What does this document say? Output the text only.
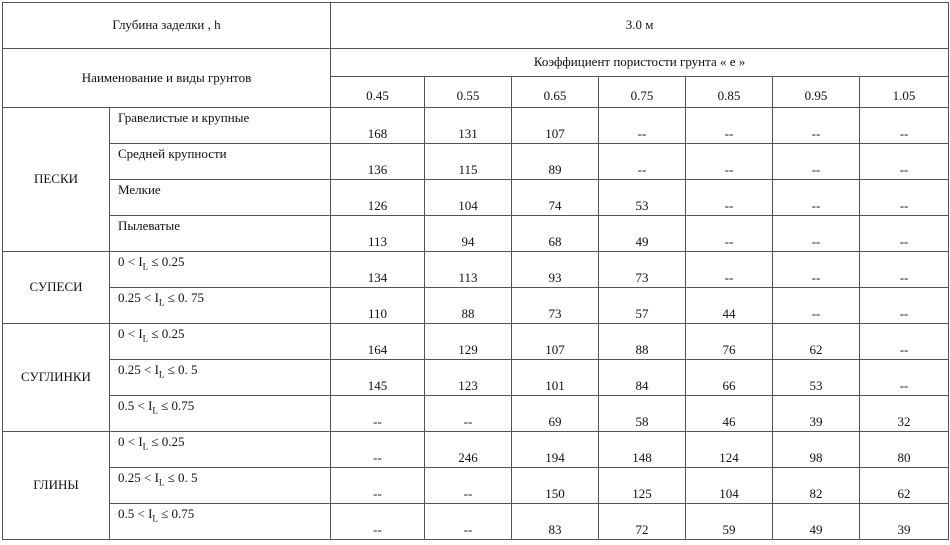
Глубина заделки , h		3.0 м						
Наименование и виды грунтов		Коэффициент пористости грунта « е »						
		0.45	0.55	0.65	0.75	0.85	0.95	1.05
ПЕСКИ	Гравелистые и крупные	168	131	107	--	--	--	--
	Средней крупности	136	115	89	--	--	--	--
	Мелкие	126	104	74	53	--	--	--
	Пылеватые	113	94	68	49	--	--	--
СУПЕСИ	$0 < I_L \le 0.25$	134	113	93	73	--	--	--
	$0.25 < I_L \le 0$. 75	110	88	73	57	44	--	--
СУГЛИНКИ	$0 < I_L \le 0.25$	164	129	107	88	76	62	--
	$0.25 < I_L \le 0$. 5	145	123	101	84	66	53	--
	$0.5 < I_L \le 0.75$	--	--	69	58	46	39	32
ГЛИНЫ	$0 < I_L \le 0.25$	--	246	194	148	124	98	80
	$0.25 < I_L \le 0$. 5	--	--	150	125	104	82	62
	$0.5 < I_L \le 0.75$	--	--	83	72	59	49	39
